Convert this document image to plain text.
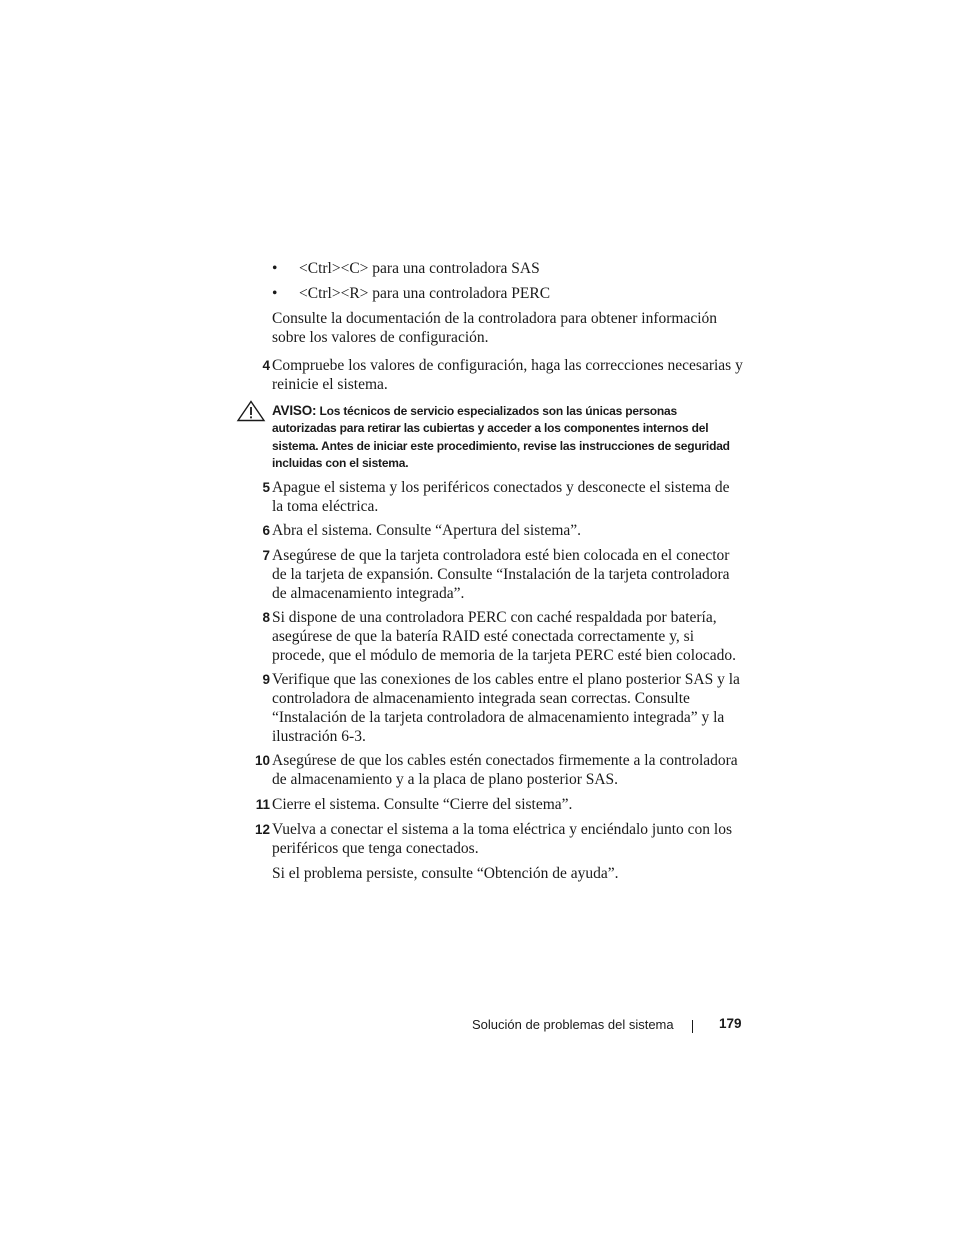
• <Ctrl><C> para una controladora SAS
• <Ctrl><R> para una controladora PERC
Consulte la documentación de la controladora para obtener información sobre los valores de configuración.
4 Compruebe los valores de configuración, haga las correcciones necesarias y reinicie el sistema.
AVISO: Los técnicos de servicio especializados son las únicas personas autorizadas para retirar las cubiertas y acceder a los componentes internos del sistema. Antes de iniciar este procedimiento, revise las instrucciones de seguridad incluidas con el sistema.
5 Apague el sistema y los periféricos conectados y desconecte el sistema de la toma eléctrica.
6 Abra el sistema. Consulte “Apertura del sistema”.
7 Asegúrese de que la tarjeta controladora esté bien colocada en el conector de la tarjeta de expansión. Consulte “Instalación de la tarjeta controladora de almacenamiento integrada”.
8 Si dispone de una controladora PERC con caché respaldada por batería, asegúrese de que la batería RAID esté conectada correctamente y, si procede, que el módulo de memoria de la tarjeta PERC esté bien colocado.
9 Verifique que las conexiones de los cables entre el plano posterior SAS y la controladora de almacenamiento integrada sean correctas. Consulte “Instalación de la tarjeta controladora de almacenamiento integrada” y la ilustración 6-3.
10 Asegúrese de que los cables estén conectados firmemente a la controladora de almacenamiento y a la placa de plano posterior SAS.
11 Cierre el sistema. Consulte “Cierre del sistema”.
12 Vuelva a conectar el sistema a la toma eléctrica y enciéndalo junto con los periféricos que tenga conectados.
Si el problema persiste, consulte “Obtención de ayuda”.
Solución de problemas del sistema	179
